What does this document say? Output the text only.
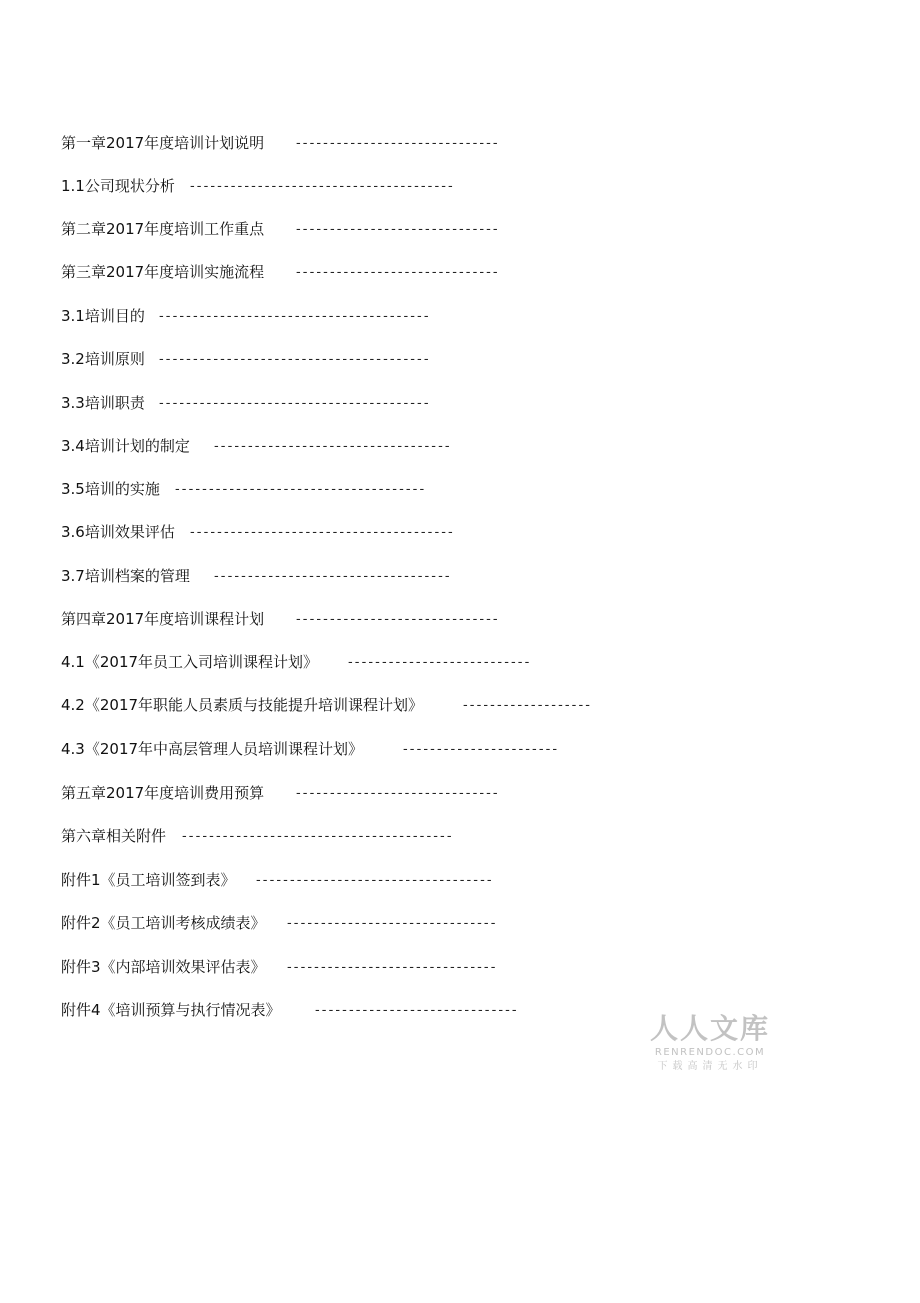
第一章2017年度培训计划说明 ------------------------------
1.1公司现状分析 ---------------------------------------
第二章2017年度培训工作重点 ------------------------------
第三章2017年度培训实施流程 ------------------------------
3.1培训目的 ----------------------------------------
3.2培训原则 ----------------------------------------
3.3培训职责 ----------------------------------------
3.4培训计划的制定 -----------------------------------
3.5培训的实施 -------------------------------------
3.6培训效果评估 ---------------------------------------
3.7培训档案的管理 -----------------------------------
第四章2017年度培训课程计划 ------------------------------
4.1《2017年员工入司培训课程计划》 ---------------------------
4.2《2017年职能人员素质与技能提升培训课程计划》	-------------------
4.3《2017年中高层管理人员培训课程计划》	-----------------------
第五章2017年度培训费用预算 ------------------------------
第六章相关附件 ----------------------------------------
附件1《员工培训签到表》 -----------------------------------
附件2《员工培训考核成绩表》 -------------------------------
附件3《内部培训效果评估表》 -------------------------------
附件4《培训预算与执行情况表》	------------------------------
人人文库
RENRENDOC.COM
下载高清无水印
